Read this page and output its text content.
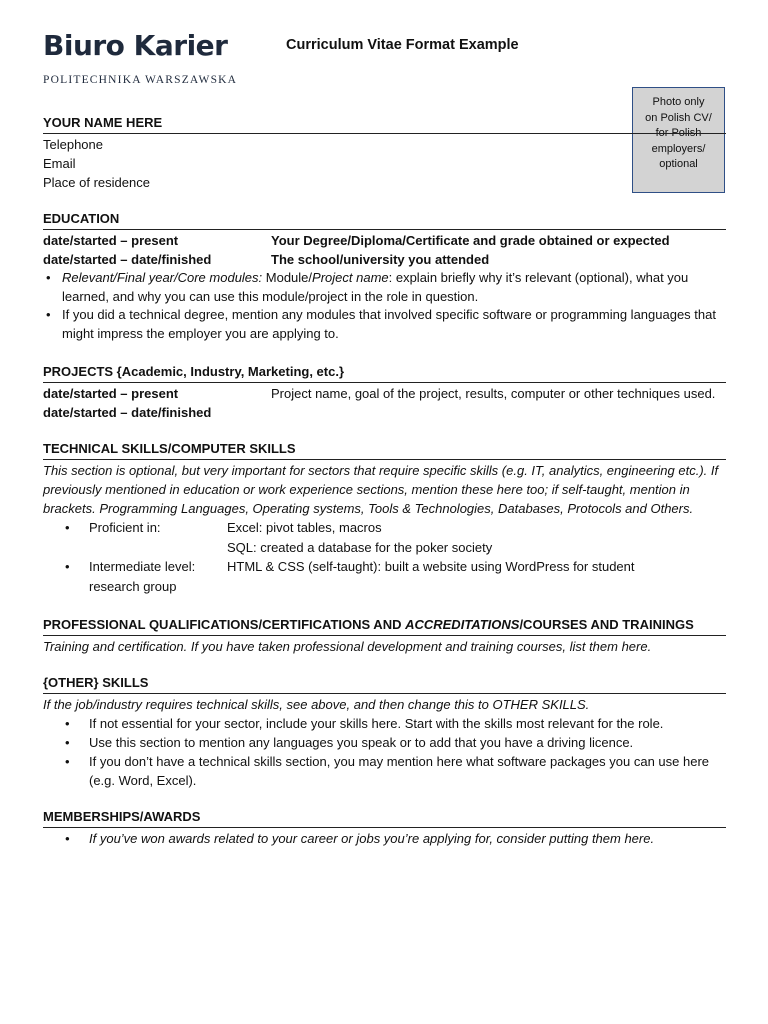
Biuro Karier
POLITECHNIKA WARSZAWSKA
Curriculum Vitae Format Example
Photo only
on Polish CV/
for Polish
employers/
optional
YOUR NAME HERE
Telephone
Email
Place of residence
EDUCATION
date/started – present	Your Degree/Diploma/Certificate and grade obtained or expected
date/started – date/finished	The school/university you attended
• Relevant/Final year/Core modules: Module/Project name: explain briefly why it’s relevant (optional), what you learned, and why you can use this module/project in the role in question.
• If you did a technical degree, mention any modules that involved specific software or programming languages that might impress the employer you are applying to.
PROJECTS {Academic, Industry, Marketing, etc.}
date/started – present	Project name, goal of the project, results, computer or other techniques used.
date/started – date/finished
TECHNICAL SKILLS/COMPUTER SKILLS
This section is optional, but very important for sectors that require specific skills (e.g. IT, analytics, engineering etc.). If previously mentioned in education or work experience sections, mention these here too; if self-taught, mention in brackets. Programming Languages, Operating systems, Tools & Technologies, Databases, Protocols and Others.
•	Proficient in:	Excel: pivot tables, macros
SQL: created a database for the poker society
•	Intermediate level:	HTML & CSS (self-taught): built a website using WordPress for student
research group
PROFESSIONAL QUALIFICATIONS/CERTIFICATIONS AND ACCREDITATIONS/COURSES AND TRAININGS
Training and certification. If you have taken professional development and training courses, list them here.
{OTHER} SKILLS
If the job/industry requires technical skills, see above, and then change this to OTHER SKILLS.
• If not essential for your sector, include your skills here. Start with the skills most relevant for the role.
• Use this section to mention any languages you speak or to add that you have a driving licence.
• If you don’t have a technical skills section, you may mention here what software packages you can use here (e.g. Word, Excel).
MEMBERSHIPS/AWARDS
• If you’ve won awards related to your career or jobs you’re applying for, consider putting them here.
